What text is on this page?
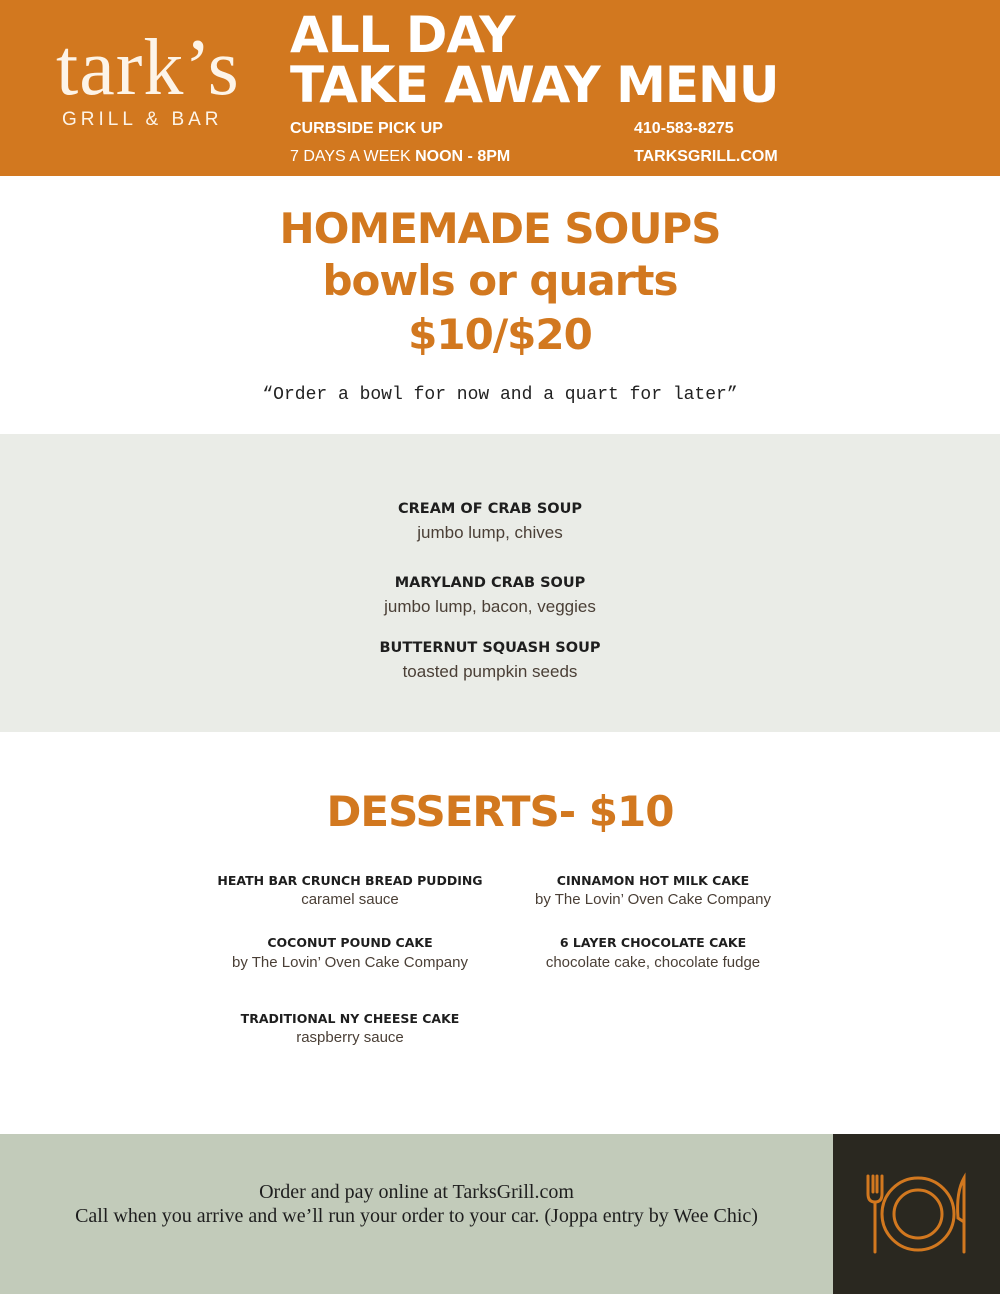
tark’s
GRILL & BAR
ALL DAY
TAKE AWAY MENU
CURBSIDE PICK UP
7 DAYS A WEEK NOON - 8PM
410-583-8275
TARKSGRILL.COM
HOMEMADE SOUPS
bowls or quarts
$10/$20
“Order a bowl for now and a quart for later”
CREAM OF CRAB SOUP
jumbo lump, chives
MARYLAND CRAB SOUP
jumbo lump, bacon, veggies
BUTTERNUT SQUASH SOUP
toasted pumpkin seeds
DESSERTS- $10
HEATH BAR CRUNCH BREAD PUDDING
caramel sauce
CINNAMON HOT MILK CAKE
by The Lovin’ Oven Cake Company
COCONUT POUND CAKE
by The Lovin’ Oven Cake Company
6 LAYER CHOCOLATE CAKE
chocolate cake, chocolate fudge
TRADITIONAL NY CHEESE CAKE
raspberry sauce
Order and pay online at TarksGrill.com
Call when you arrive and we’ll run your order to your car. (Joppa entry by Wee Chic)
